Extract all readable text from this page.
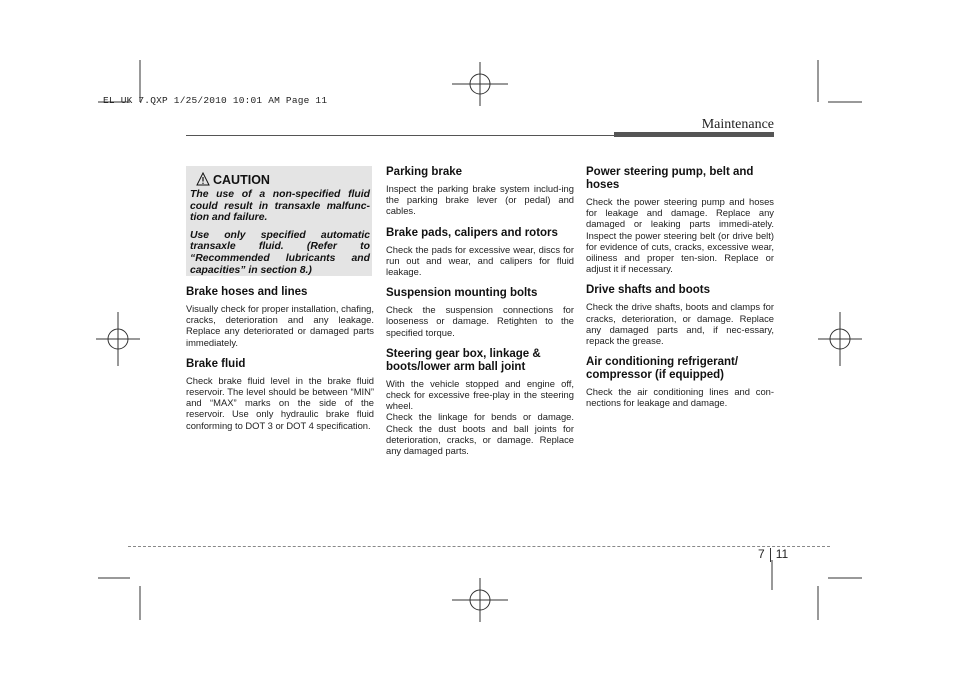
EL UK 7.QXP 1/25/2010 10:01 AM Page 11
Maintenance
CAUTION

The use of a non-specified fluid could result in transaxle malfunc-tion and failure.

Use only specified automatic transaxle fluid. (Refer to “Recommended lubricants and capacities” in section 8.)

Brake hoses and lines

Visually check for proper installation, chafing, cracks, deterioration and any leakage. Replace any deteriorated or damaged parts immediately.

Brake fluid

Check brake fluid level in the brake fluid reservoir. The level should be between “MIN” and “MAX” marks on the side of the reservoir. Use only hydraulic brake fluid conforming to DOT 3 or DOT 4 specification.

Parking brake

Inspect the parking brake system includ-ing the parking brake lever (or pedal) and cables.

Brake pads, calipers and rotors

Check the pads for excessive wear, discs for run out and wear, and calipers for fluid leakage.

Suspension mounting bolts

Check the suspension connections for looseness or damage. Retighten to the specified torque.

Steering gear box, linkage & boots/lower arm ball joint

With the vehicle stopped and engine off, check for excessive free-play in the steering wheel.

Check the linkage for bends or damage. Check the dust boots and ball joints for deterioration, cracks, or damage. Replace any damaged parts.

Power steering pump, belt and hoses

Check the power steering pump and hoses for leakage and damage. Replace any damaged or leaking parts immedi-ately. Inspect the power steering belt (or drive belt) for evidence of cuts, cracks, excessive wear, oiliness and proper ten-sion. Replace or adjust it if necessary.

Drive shafts and boots

Check the drive shafts, boots and clamps for cracks, deterioration, or damage. Replace any damaged parts and, if nec-essary, repack the grease.

Air conditioning refrigerant/ compressor (if equipped)

Check the air conditioning lines and con-nections for leakage and damage.

7 11
